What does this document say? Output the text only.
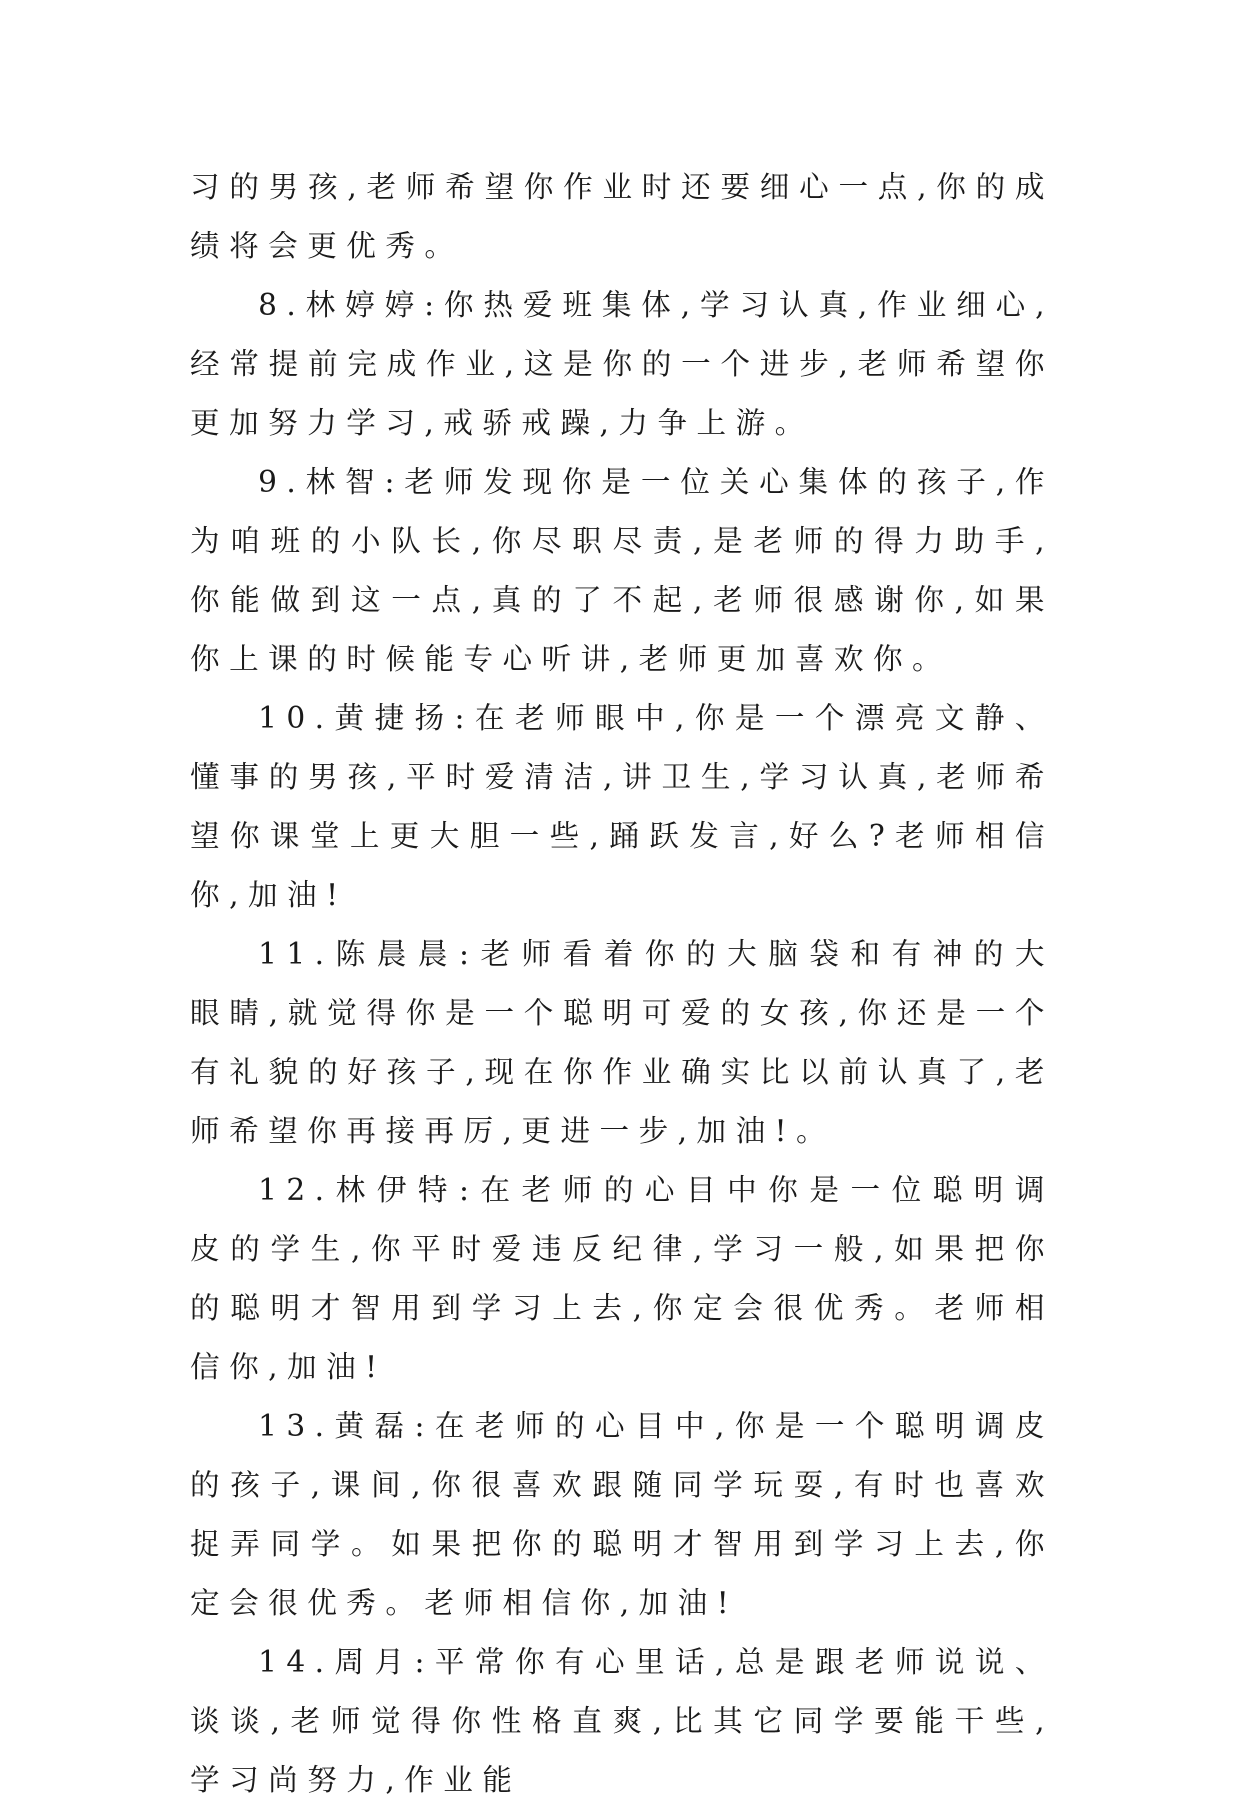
习的男孩,老师希望你作业时还要细心一点,你的成绩将会更优秀。

8.林婷婷:你热爱班集体,学习认真,作业细心,经常提前完成作业,这是你的一个进步,老师希望你更加努力学习,戒骄戒躁,力争上游。

9.林智:老师发现你是一位关心集体的孩子,作为咱班的小队长,你尽职尽责,是老师的得力助手,你能做到这一点,真的了不起,老师很感谢你,如果你上课的时候能专心听讲,老师更加喜欢你。

10.黄捷扬:在老师眼中,你是一个漂亮文静、懂事的男孩,平时爱清洁,讲卫生,学习认真,老师希望你课堂上更大胆一些,踊跃发言,好么?老师相信你,加油!

11.陈晨晨:老师看着你的大脑袋和有神的大眼睛,就觉得你是一个聪明可爱的女孩,你还是一个有礼貌的好孩子,现在你作业确实比以前认真了,老师希望你再接再厉,更进一步,加油!。

12.林伊特:在老师的心目中你是一位聪明调皮的学生,你平时爱违反纪律,学习一般,如果把你的聪明才智用到学习上去,你定会很优秀。老师相信你,加油!

13.黄磊:在老师的心目中,你是一个聪明调皮的孩子,课间,你很喜欢跟随同学玩耍,有时也喜欢捉弄同学。如果把你的聪明才智用到学习上去,你定会很优秀。老师相信你,加油!

14.周月:平常你有心里话,总是跟老师说说、谈谈,老师觉得你性格直爽,比其它同学要能干些,学习尚努力,作业能
